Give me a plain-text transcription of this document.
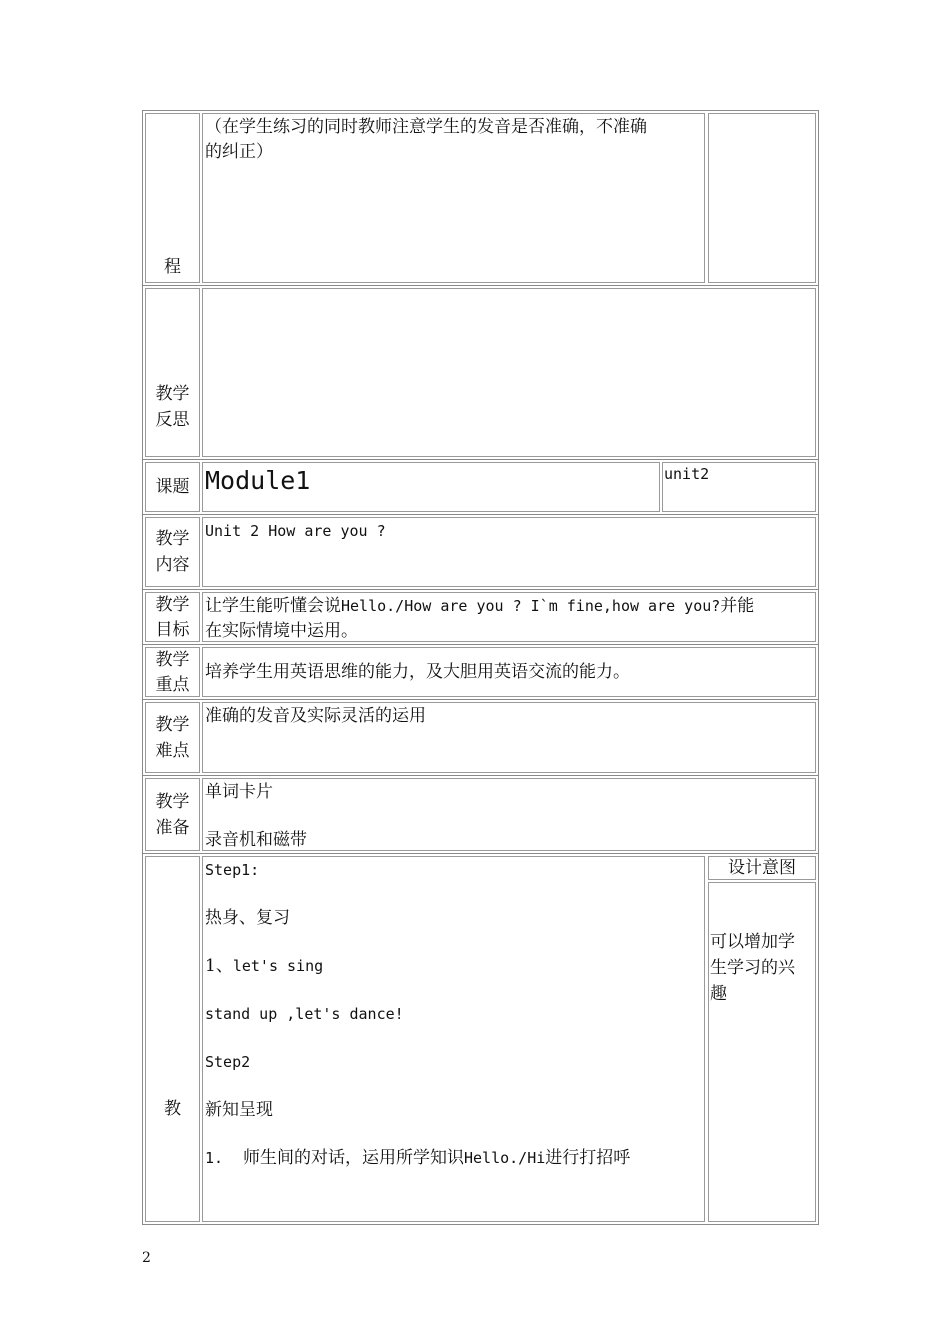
程
（在学生练习的同时教师注意学生的发音是否准确，不准确
的纠正）
教学
反思
课题 Module1	unit2
教学
内容
Unit 2 How are you ?
教学
目标
让学生能听懂会说Hello./How are you ? I`m fine,how are you?并能
在实际情境中运用。
教学
重点
培养学生用英语思维的能力，及大胆用英语交流的能力。
教学
难点
准确的发音及实际灵活的运用
教学
准备
单词卡片
录音机和磁带
教
Step1:
热身、复习
1、let's sing
stand up ,let's dance!
Step2
新知呈现
1. 师生间的对话，运用所学知识Hello./Hi进行打招呼
设计意图
可以增加学
生学习的兴
趣
2
